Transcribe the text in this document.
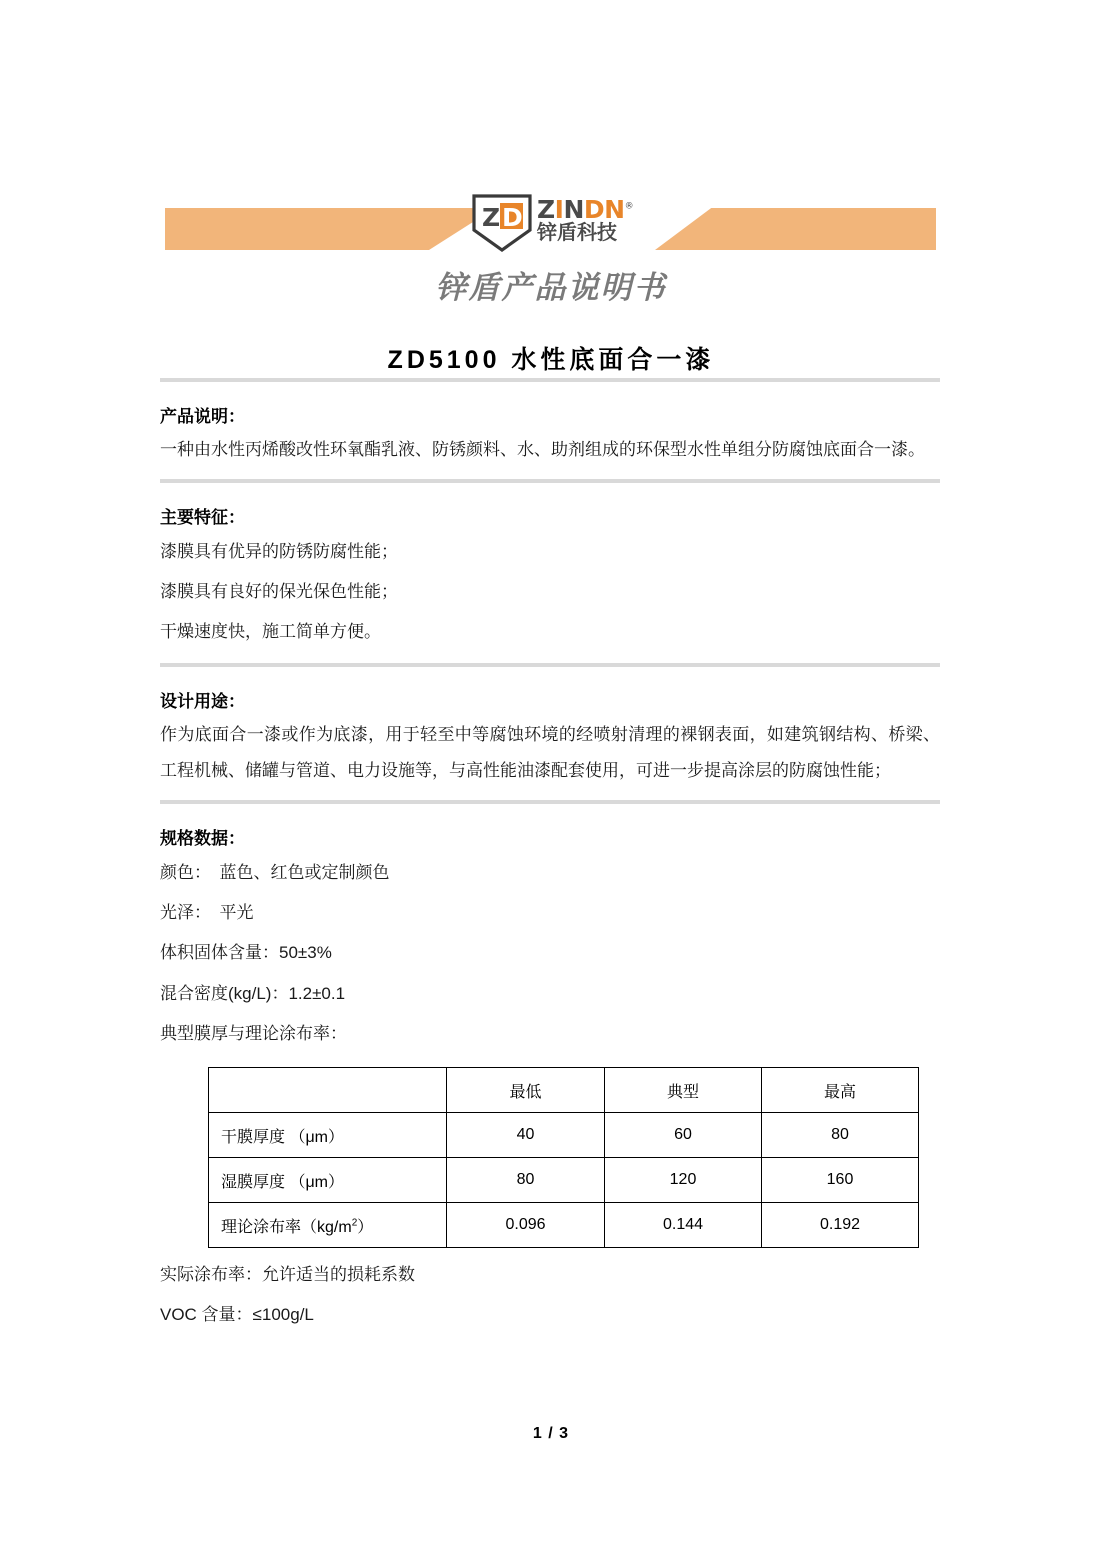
Z D ZINDN®
锌盾科技
锌盾产品说明书
ZD5100 水性底面合一漆
产品说明：
一种由水性丙烯酸改性环氧酯乳液、防锈颜料、水、助剂组成的环保型水性单组分防腐蚀底面合一漆。
主要特征：
漆膜具有优异的防锈防腐性能；
漆膜具有良好的保光保色性能；
干燥速度快，施工简单方便。
设计用途：
作为底面合一漆或作为底漆，用于轻至中等腐蚀环境的经喷射清理的裸钢表面，如建筑钢结构、桥梁、工程机械、储罐与管道、电力设施等，与高性能油漆配套使用，可进一步提高涂层的防腐蚀性能；
规格数据：
颜色：　蓝色、红色或定制颜色
光泽：　平光
体积固体含量：50±3%
混合密度(kg/L)：1.2±0.1
典型膜厚与理论涂布率：
	最低	典型	最高
干膜厚度 （μm）	40	60	80
湿膜厚度 （μm）	80	120	160
理论涂布率$(kg/m^2)$	0.096	0.144	0.192
实际涂布率：允许适当的损耗系数
VOC 含量：≤100g/L
1 / 3
